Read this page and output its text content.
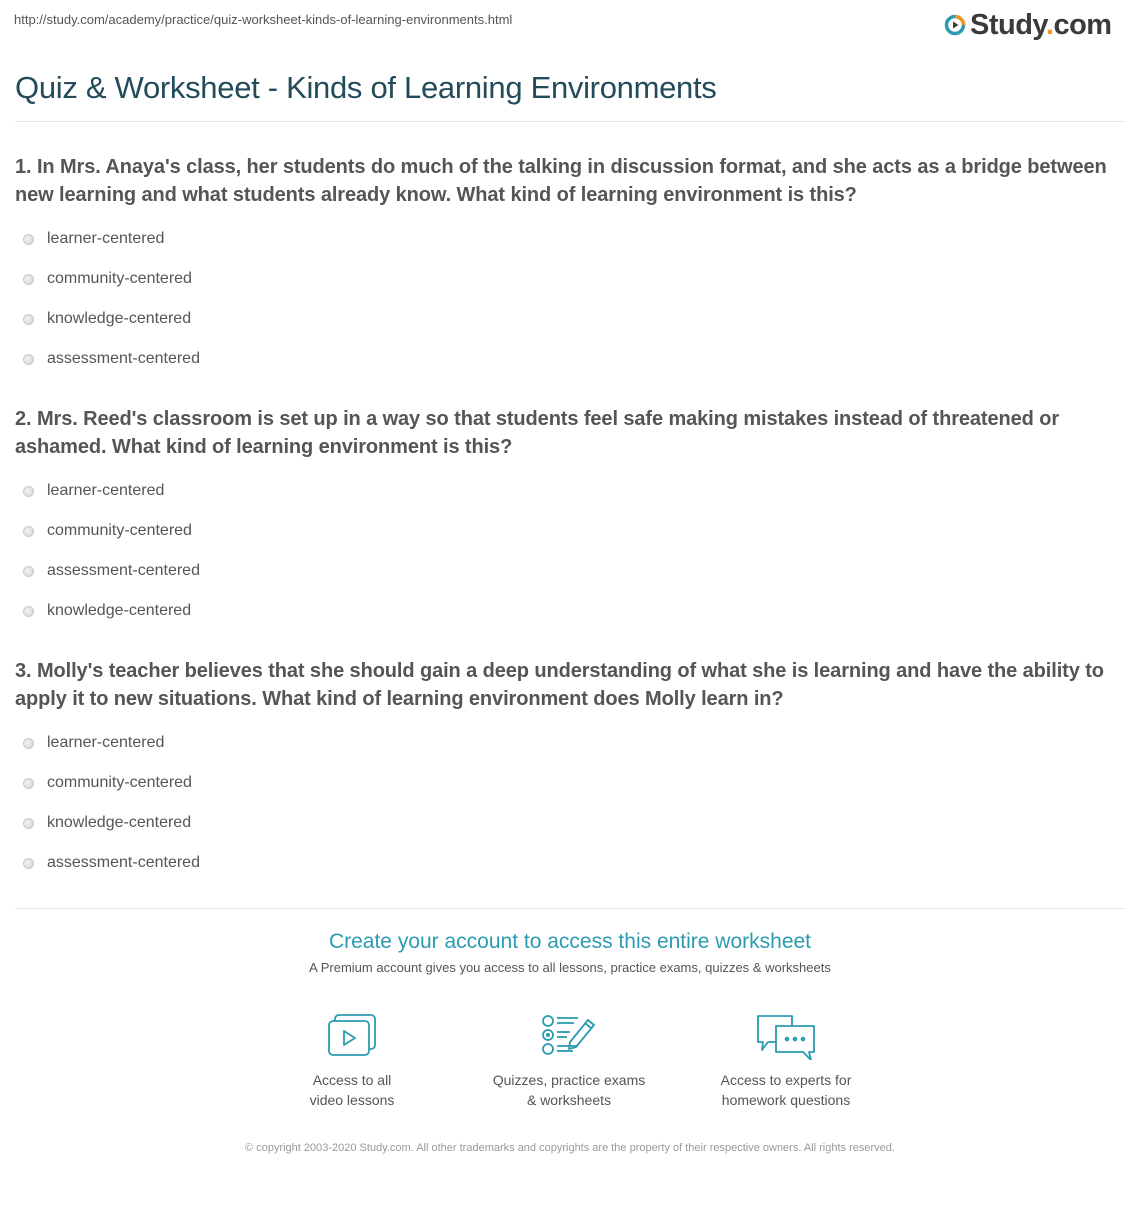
http://study.com/academy/practice/quiz-worksheet-kinds-of-learning-environments.html	Study.com
Quiz & Worksheet - Kinds of Learning Environments
1. In Mrs. Anaya's class, her students do much of the talking in discussion format, and she acts as a bridge between new learning and what students already know. What kind of learning environment is this?
learner-centered
community-centered
knowledge-centered
assessment-centered
2. Mrs. Reed's classroom is set up in a way so that students feel safe making mistakes instead of threatened or ashamed. What kind of learning environment is this?
learner-centered
community-centered
assessment-centered
knowledge-centered
3. Molly's teacher believes that she should gain a deep understanding of what she is learning and have the ability to apply it to new situations. What kind of learning environment does Molly learn in?
learner-centered
community-centered
knowledge-centered
assessment-centered
Create your account to access this entire worksheet
A Premium account gives you access to all lessons, practice exams, quizzes & worksheets
Access to all
video lessons
Quizzes, practice exams
& worksheets
Access to experts for
homework questions
© copyright 2003-2020 Study.com. All other trademarks and copyrights are the property of their respective owners. All rights reserved.
